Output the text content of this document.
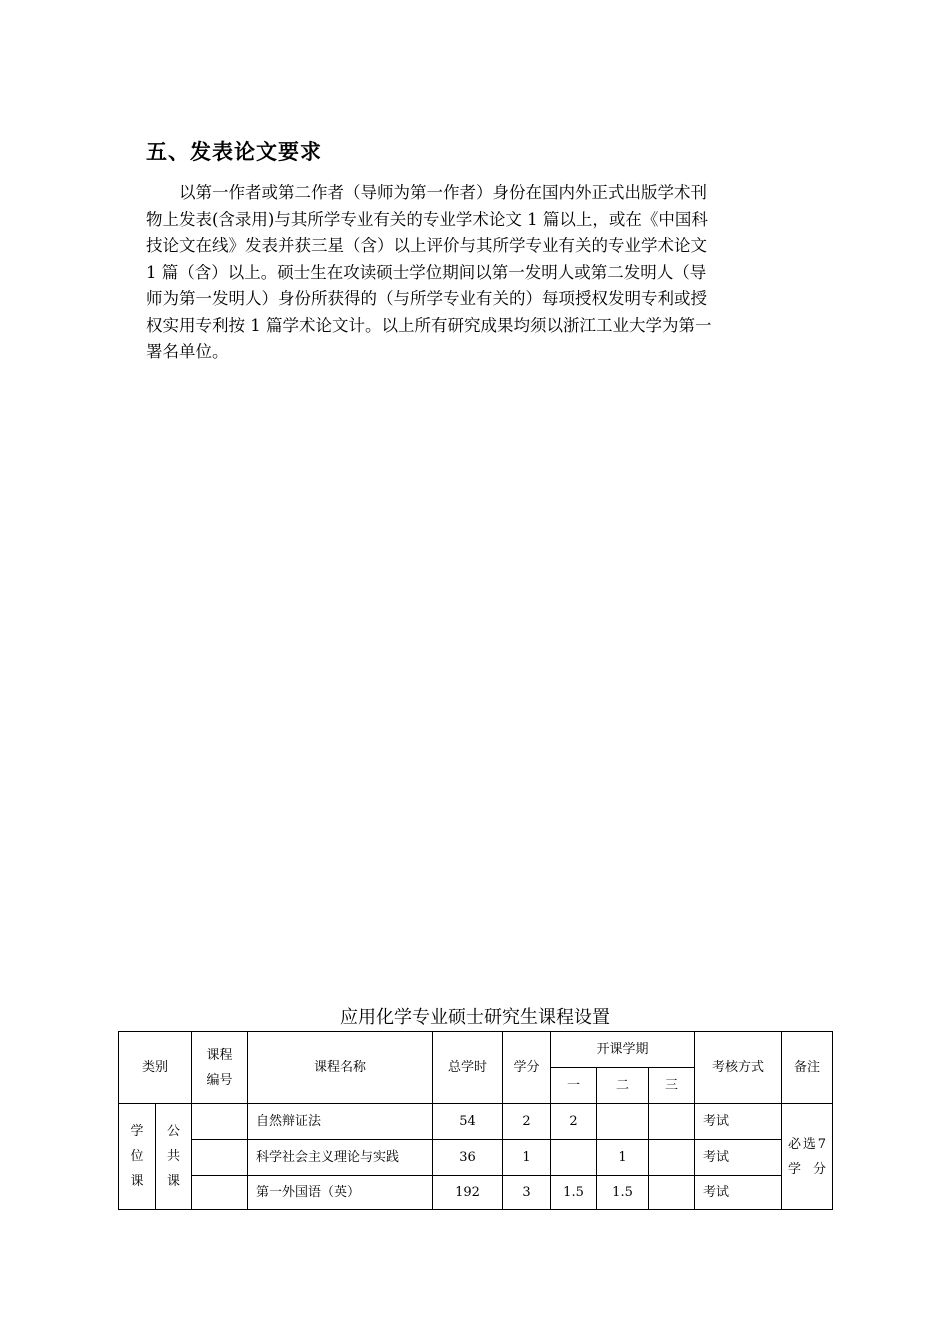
五、发表论文要求

以第一作者或第二作者（导师为第一作者）身份在国内外正式出版学术刊

物上发表(含录用)与其所学专业有关的专业学术论文 1 篇以上，或在《中国科

技论文在线》发表并获三星（含）以上评价与其所学专业有关的专业学术论文

1 篇（含）以上。硕士生在攻读硕士学位期间以第一发明人或第二发明人（导

师为第一发明人）身份所获得的（与所学专业有关的）每项授权发明专利或授

权实用专利按 1 篇学术论文计。以上所有研究成果均须以浙江工业大学为第一

署名单位。

应用化学专业硕士研究生课程设置
类别		课程编号	课程名称	总学时	学分	开课学期			考核方式	备注
						一	二	三		
学位课	公共课		自然辩证法	54	2	2			考试	必选7学分
			科学社会主义理论与实践	36	1		1		考试	
			第一外国语（英）	192	3	1.5	1.5		考试	
